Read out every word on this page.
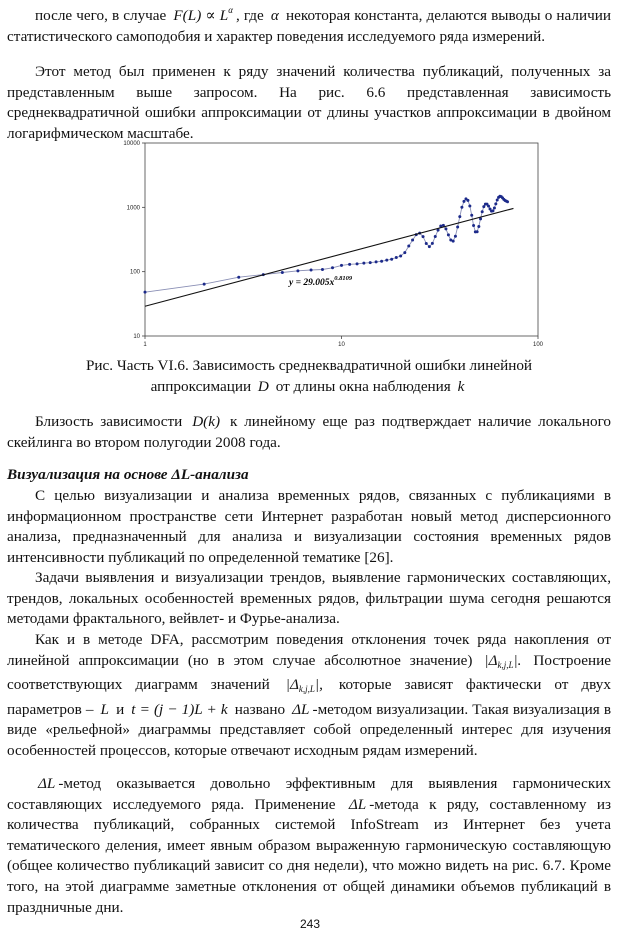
после чего, в случае $F(L) \propto L^\alpha$ , где α некоторая константа, делаются выводы о наличии статистического самоподобия и характер поведения исследуемого ряда измерений.

Этот метод был применен к ряду значений количества публикаций, полученных за представленным выше запросом. На рис. 6.6 представленная зависимость среднеквадратичной ошибки аппроксимации от длины участков аппроксимации в двойном логарифмическом масштабе.

10000
1000
100
10
1	10	100
$y = 29.005x^{0.8109}$

Рис. Часть VI.6. Зависимость среднеквадратичной ошибки линейной
аппроксимации D от длины окна наблюдения k

Близость зависимости D(k) к линейному еще раз подтверждает наличие локального скейлинга во втором полугодии 2008 года.

Визуализация на основе ΔL-анализа

С целью визуализации и анализа временных рядов, связанных с публикациями в информационном пространстве сети Интернет разработан новый метод дисперсионного анализа, предназначенный для анализа и визуализации состояния временных рядов интенсивности публикаций по определенной тематике [26].

Задачи выявления и визуализации трендов, выявление гармонических составляющих, трендов, локальных особенностей временных рядов, фильтрации шума сегодня решаются методами фрактального, вейвлет- и Фурье-анализа.

Как и в методе DFA, рассмотрим поведения отклонения точек ряда накопления от линейной аппроксимации (но в этом случае абсолютное значение) $|\Delta_{k,j,L}|$. Построение соответствующих диаграмм значений $|\Delta_{k,j,L}|$, которые зависят фактически от двух параметров – L и t = (j − 1)L + k названо ΔL -методом визуализации. Такая визуализация в виде «рельефной» диаграммы представляет собой определенный интерес для изучения особенностей процессов, которые отвечают исходным рядам измерений.

ΔL -метод оказывается довольно эффективным для выявления гармонических составляющих исследуемого ряда. Применение ΔL -метода к ряду, составленному из количества публикаций, собранных системой InfoStream из Интернет без учета тематического деления, имеет явным образом выраженную гармоническую составляющую (общее количество публикаций зависит со дня недели), что можно видеть на рис. 6.7. Кроме того, на этой диаграмме заметные отклонения от общей динамики объемов публикаций в праздничные дни.

243
